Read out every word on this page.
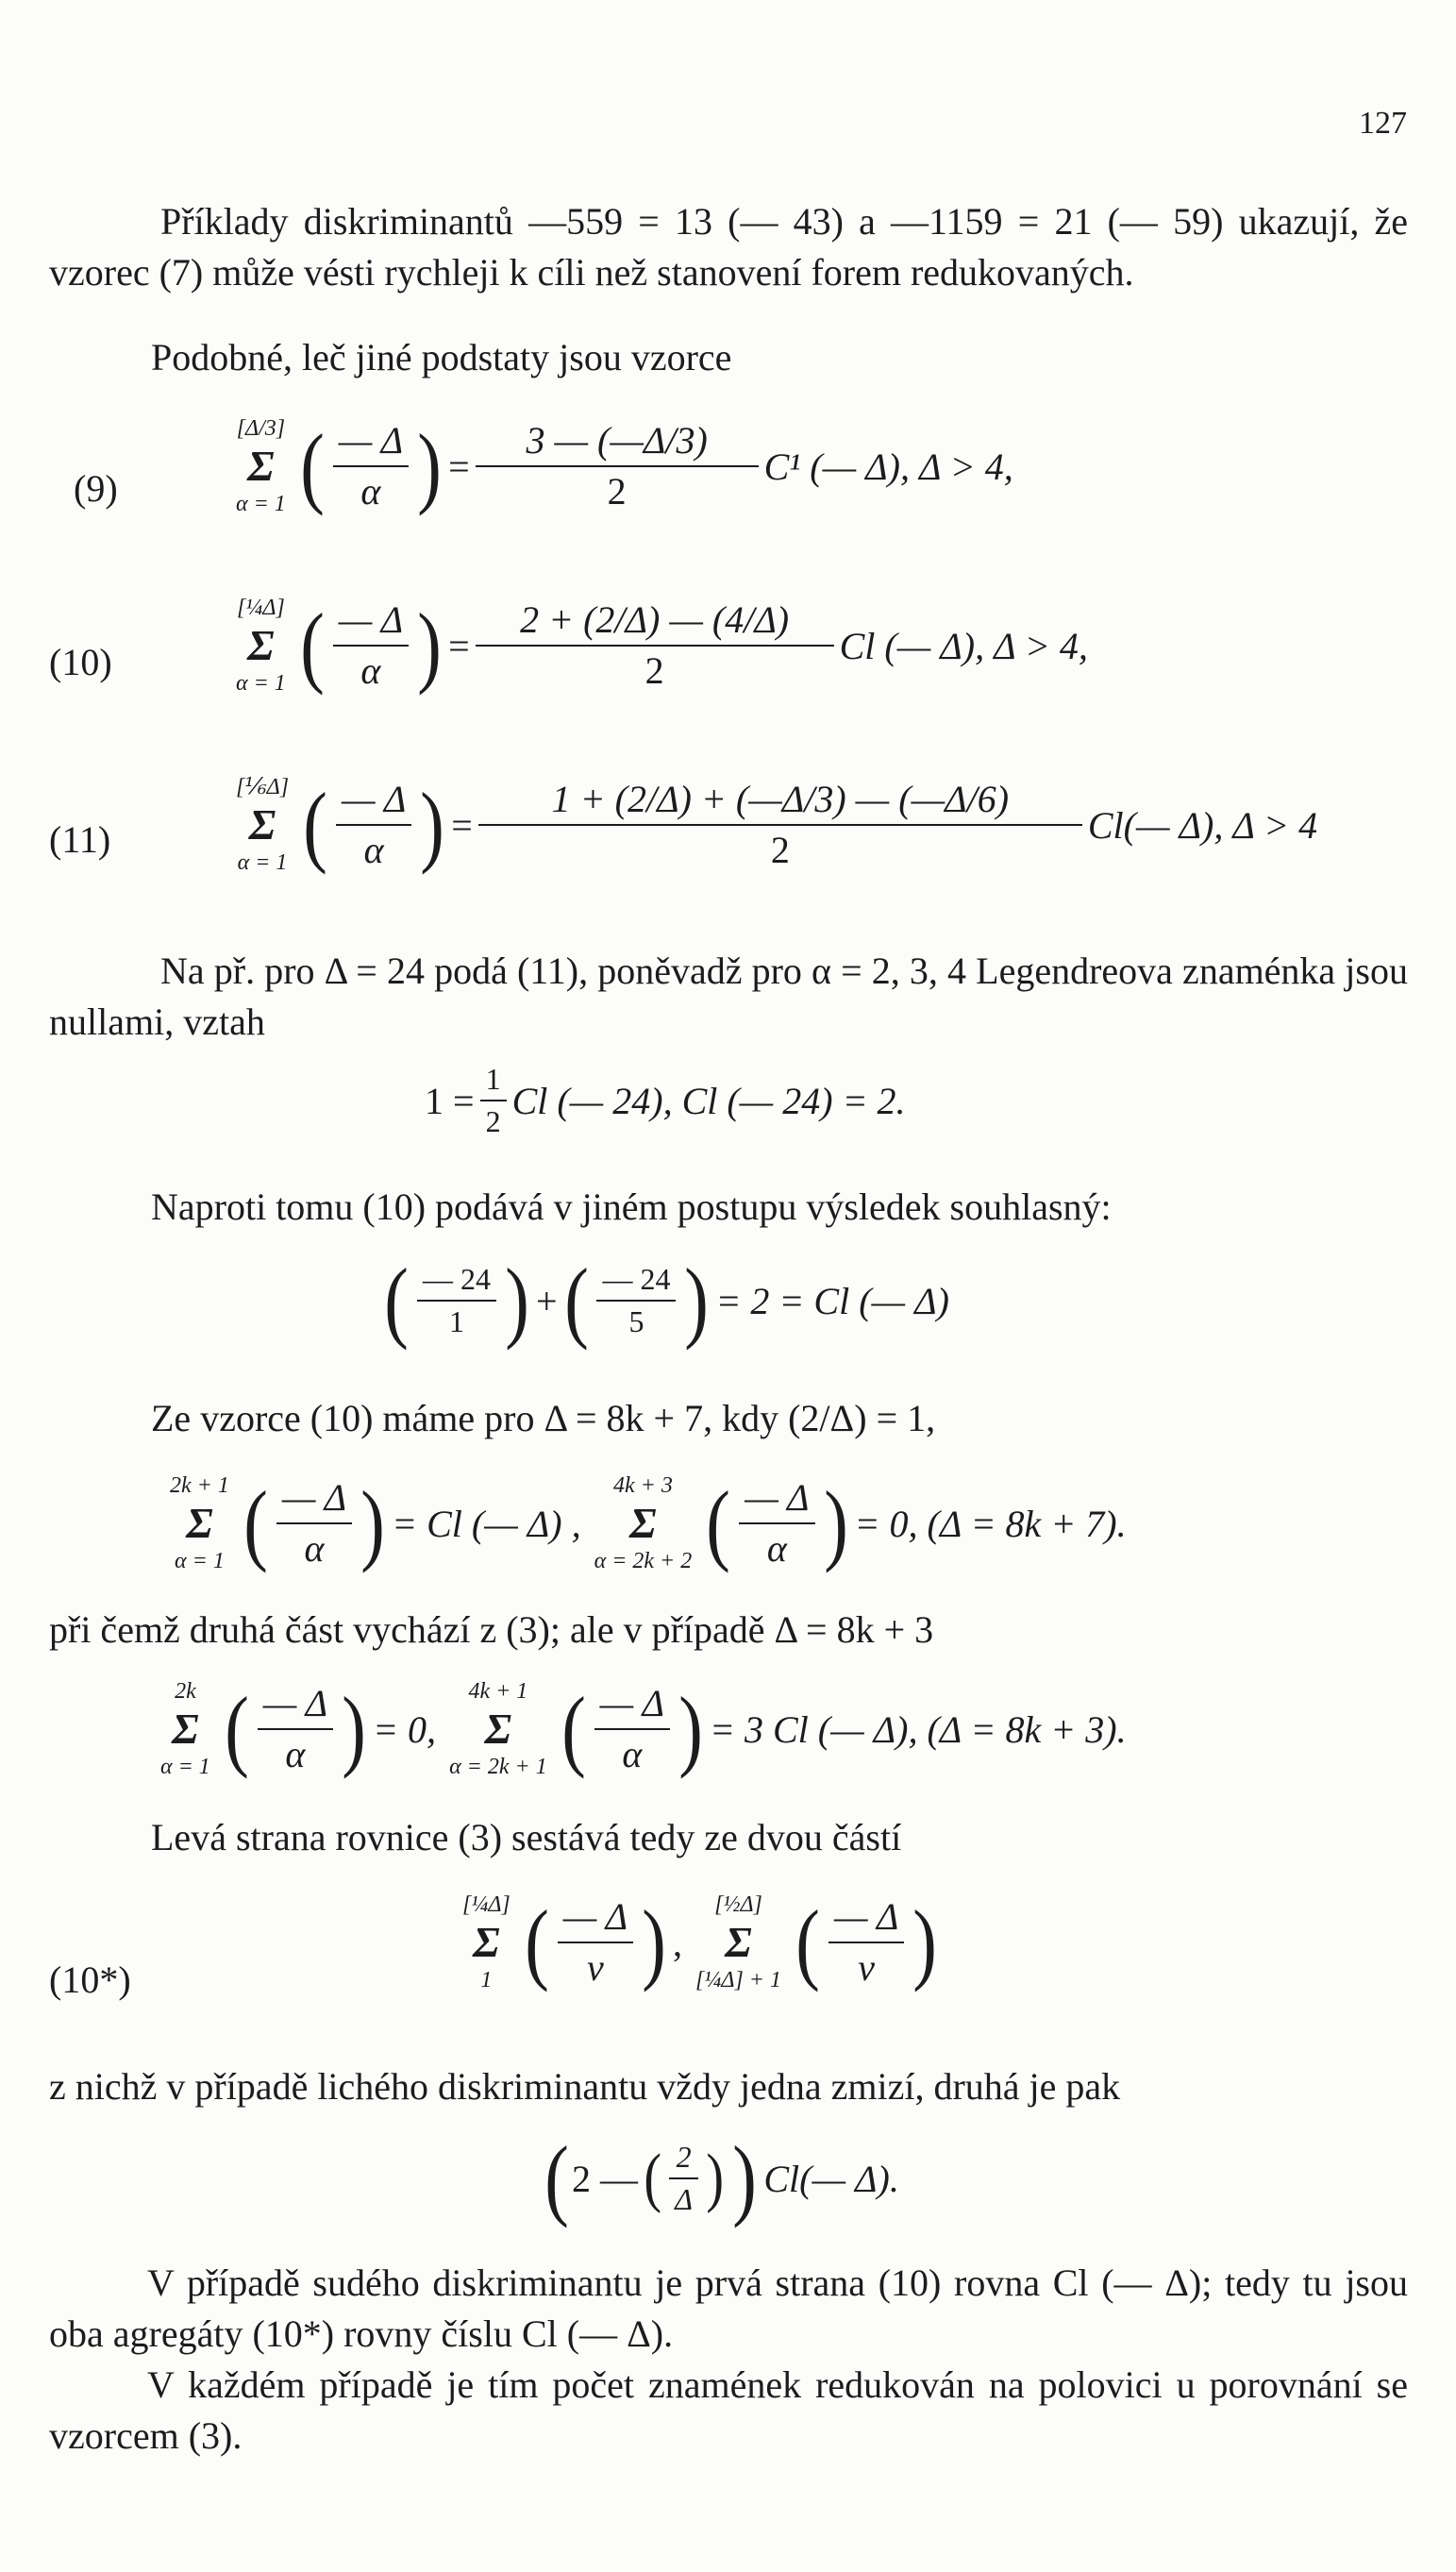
127

Příklady diskriminantů —559 = 13 (— 43) a —1159 = 21 (— 59) ukazují, že vzorec (7) může vésti rychleji k cíli než stanovení forem redukovaných.

Podobné, leč jiné podstaty jsou vzorce

(9)
[Δ/3]
Σ
α = 1 ( $\frac{— \Delta}{\alpha}$ ) = $\frac{3 — (—\Delta/3)}{2} C^1$ (— Δ), Δ > 4,
(10)
[¼Δ]
Σ
α = 1 ( $\frac{— \Delta}{\alpha}$ ) = $\frac{2 + (2/\Delta) — (4/\Delta)}{2}$ Cl (— Δ), Δ > 4,
(11)
[⅙Δ]
Σ
α = 1 ( $\frac{— \Delta}{\alpha}$ ) = $\frac{1 + (2/\Delta) + (—\Delta/3) — (—\Delta/6)}{2}$ Cl(— Δ), Δ > 4

Na př. pro Δ = 24 podá (11), poněvadž pro α = 2, 3, 4 Legendreova znaménka jsou nullami, vztah

$1 = \frac{1}{2}$ Cl (— 24), Cl (— 24) = 2.

Naproti tomu (10) podává v jiném postupu výsledek souhlasný:

( $\frac{— 24}{1}$ ) + ( $\frac{— 24}{5}$ ) = 2 = Cl (— Δ)

Ze vzorce (10) máme pro Δ = 8k + 7, kdy (2/Δ) = 1,

2k + 1
Σ
α = 1 ( $\frac{— \Delta}{\alpha}$ ) = Cl (— Δ) ,
4k + 3
Σ
α = 2k + 2 ( $\frac{— \Delta}{\alpha}$ ) = 0, (Δ = 8k + 7).

při čemž druhá část vychází z (3); ale v případě Δ = 8k + 3

2k
Σ
α = 1 ( $\frac{— \Delta}{\alpha}$ ) = 0,
4k + 1
Σ
α = 2k + 1 ( $\frac{— \Delta}{\alpha}$ ) = 3 Cl (— Δ), (Δ = 8k + 3).

Levá strana rovnice (3) sestává tedy ze dvou částí

(10*)
[¼Δ]
Σ
1 ( $\frac{— \Delta}{\nu}$ ) ,
[½Δ]
Σ
[¼Δ] + 1 ( $\frac{— \Delta}{\nu}$ )

z nichž v případě lichého diskriminantu vždy jedna zmizí, druhá je pak

( 2 — ( $\frac{2}{\Delta}$ ) ) Cl(— Δ).

V případě sudého diskriminantu je prvá strana (10) rovna Cl (— Δ); tedy tu jsou oba agregáty (10*) rovny číslu Cl (— Δ).

V každém případě je tím počet znamének redukován na polovici u porovnání se vzorcem (3).
